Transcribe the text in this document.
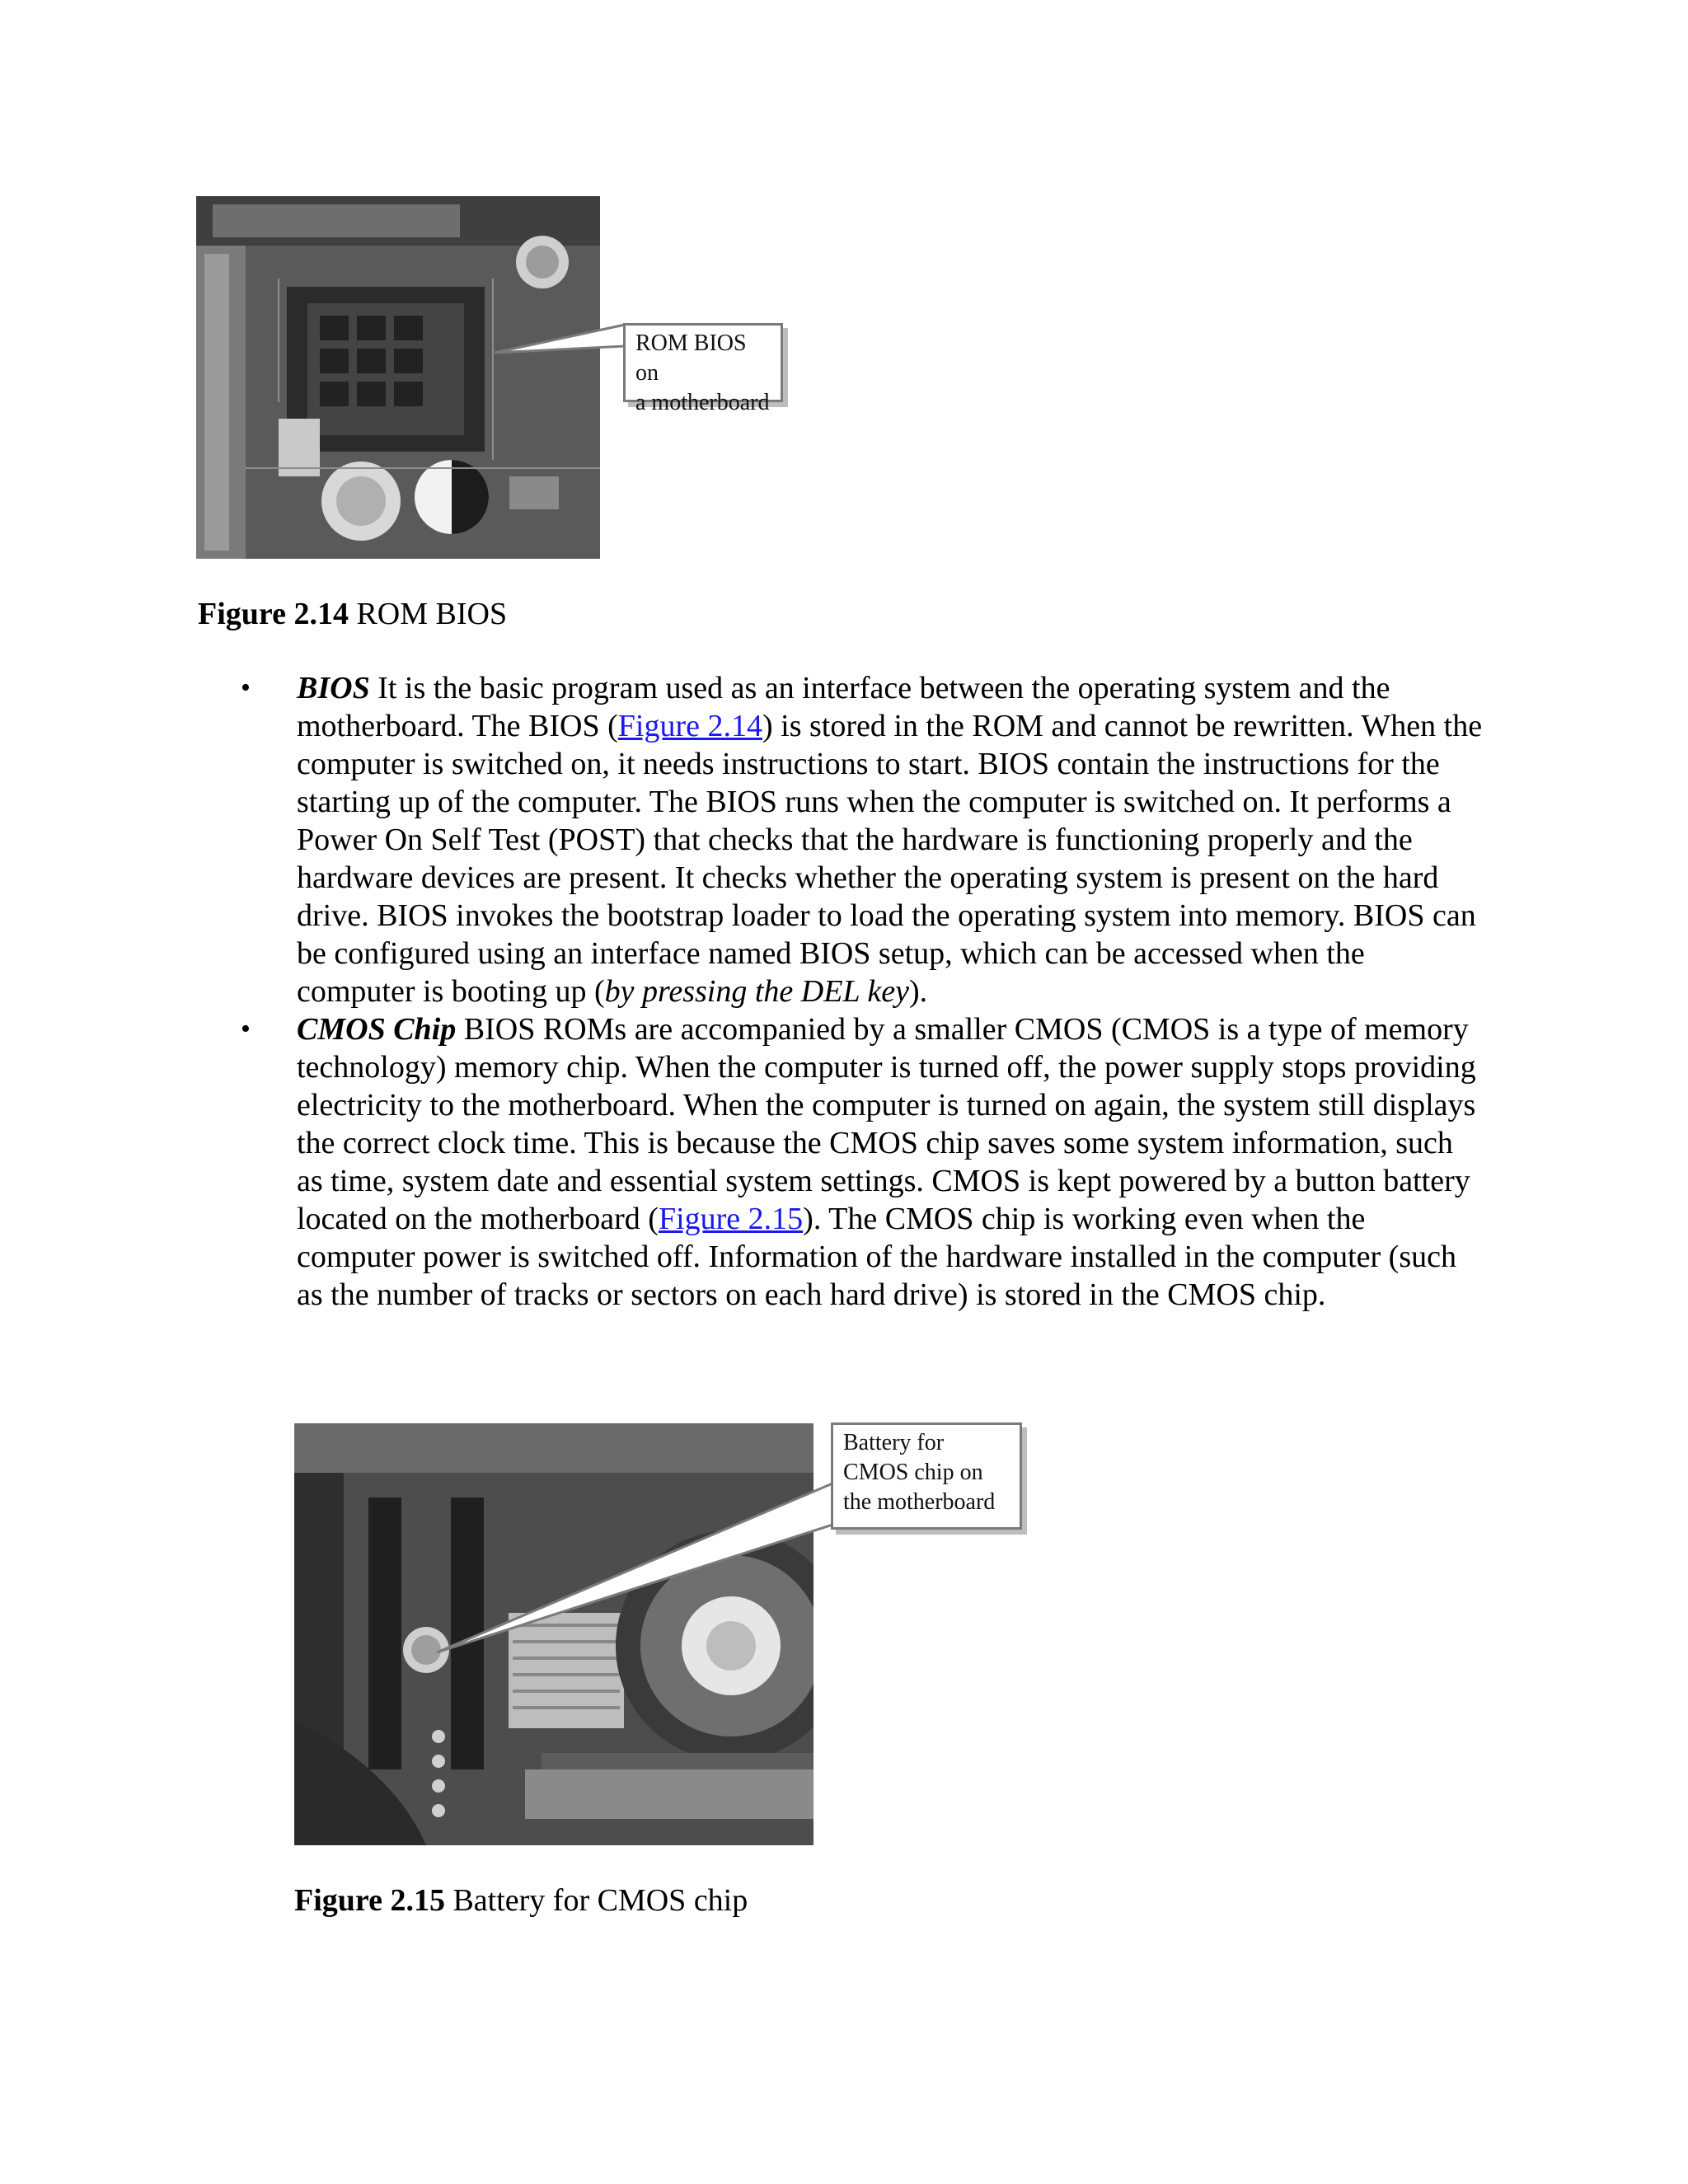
ROM BIOS on
a motherboard
Figure 2.14 ROM BIOS
• BIOS It is the basic program used as an interface between the operating system and the motherboard. The BIOS (Figure 2.14) is stored in the ROM and cannot be rewritten. When the computer is switched on, it needs instructions to start. BIOS contain the instructions for the starting up of the computer. The BIOS runs when the computer is switched on. It performs a Power On Self Test (POST) that checks that the hardware is functioning properly and the hardware devices are present. It checks whether the operating system is present on the hard drive. BIOS invokes the bootstrap loader to load the operating system into memory. BIOS can be configured using an interface named BIOS setup, which can be accessed when the computer is booting up (by pressing the DEL key).
• CMOS Chip BIOS ROMs are accompanied by a smaller CMOS (CMOS is a type of memory technology) memory chip. When the computer is turned off, the power supply stops providing electricity to the motherboard. When the computer is turned on again, the system still displays the correct clock time. This is because the CMOS chip saves some system information, such as time, system date and essential system settings. CMOS is kept powered by a button battery located on the motherboard (Figure 2.15). The CMOS chip is working even when the computer power is switched off. Information of the hardware installed in the computer (such as the number of tracks or sectors on each hard drive) is stored in the CMOS chip.
Battery for
CMOS chip on
the motherboard
Figure 2.15 Battery for CMOS chip
